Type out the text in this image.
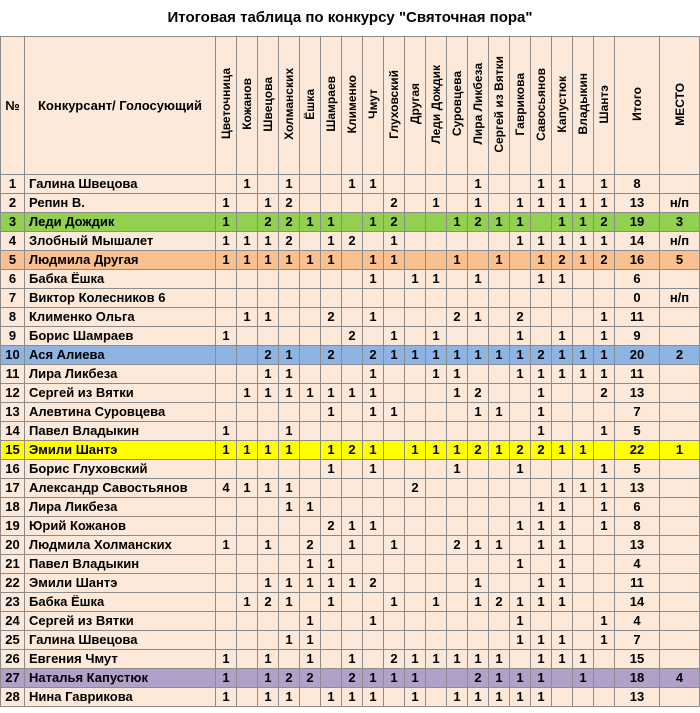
Итоговая таблица по конкурсу "Святочная пора"
№	Конкурсант/ Голосующий	Цветочница	Кожанов	Швецова	Холманских	Ёшка	Шамраев	Клименко	Чмут	Глуховский	Другая	Леди Дождик	Суровцева	Лира Ликбеза	Сергей из Вятки	Гаврикова	Савосьянов	Капустюк	Владыкин	Шантэ	Итого	МЕСТО
1	Галина Швецова		1		1			1	1					1			1	1		1	8	
2	Репин В.	1		1	2					2		1		1		1	1	1	1	1	13	н/п
3	Леди Дождик	1		2	2	1	1		1	2			1	2	1	1		1	1	2	19	3
4	Злобный Мышалет	1	1	1	2		1	2		1						1	1	1	1	1	14	н/п
5	Людмила Другая	1	1	1	1	1	1		1	1			1		1		1	2	1	2	16	5
6	Бабка Ёшка								1		1	1		1			1	1			6	
7	Виктор Колесников 6																				0	н/п
8	Клименко Ольга		1	1			2		1				2	1		2				1	11	
9	Борис Шамраев	1						2		1		1				1		1		1	9	
10	Ася Алиева			2	1		2		2	1	1	1	1	1	1	1	2	1	1	1	20	2
11	Лира Ликбеза			1	1				1			1	1			1	1	1	1	1	11	
12	Сергей из Вятки		1	1	1	1	1	1	1				1	2			1			2	13	
13	Алевтина Суровцева						1		1	1				1	1		1				7	
14	Павел Владыкин	1			1												1			1	5	
15	Эмили Шантэ	1	1	1	1		1	2	1		1	1	1	2	1	2	2	1	1		22	1
16	Борис Глуховский						1		1				1			1				1	5	
17	Александр Савостьянов	4	1	1	1						2							1	1	1	13	
18	Лира Ликбеза				1	1											1	1		1	6	
19	Юрий Кожанов						2	1	1							1	1	1		1	8	
20	Людмила Холманских	1		1		2		1		1			2	1	1		1	1			13	
21	Павел Владыкин					1	1									1		1			4	
22	Эмили Шантэ			1	1	1	1	1	2					1			1	1			11	
23	Бабка Ёшка		1	2	1		1			1		1		1	2	1	1	1			14	
24	Сергей из Вятки					1			1							1				1	4	
25	Галина Швецова				1	1										1	1	1		1	7	
26	Евгения Чмут	1		1		1		1		2	1	1	1	1	1		1	1	1		15	
27	Наталья Капустюк	1		1	2	2		2	1	1	1			2	1	1	1		1		18	4
28	Нина Гаврикова	1		1	1		1	1	1		1		1	1	1	1	1				13	
